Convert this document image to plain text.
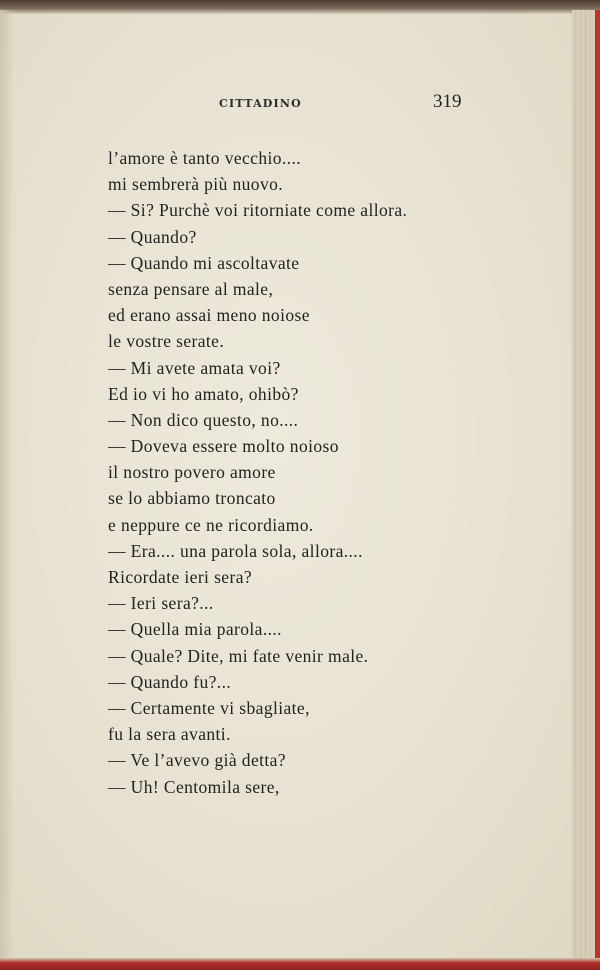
CITTADINO	319
l’amore è tanto vecchio....
mi sembrerà più nuovo.
— Si? Purchè voi ritorniate come allora.
— Quando?
— Quando mi ascoltavate
senza pensare al male,
ed erano assai meno noiose
le vostre serate.
— Mi avete amata voi?
Ed io vi ho amato, ohibò?
— Non dico questo, no....
— Doveva essere molto noioso
il nostro povero amore
se lo abbiamo troncato
e neppure ce ne ricordiamo.
— Era.... una parola sola, allora....
Ricordate ieri sera?
— Ieri sera?...
— Quella mia parola....
— Quale? Dite, mi fate venir male.
— Quando fu?...
— Certamente vi sbagliate,
fu la sera avanti.
— Ve l’avevo già detta?
— Uh! Centomila sere,
